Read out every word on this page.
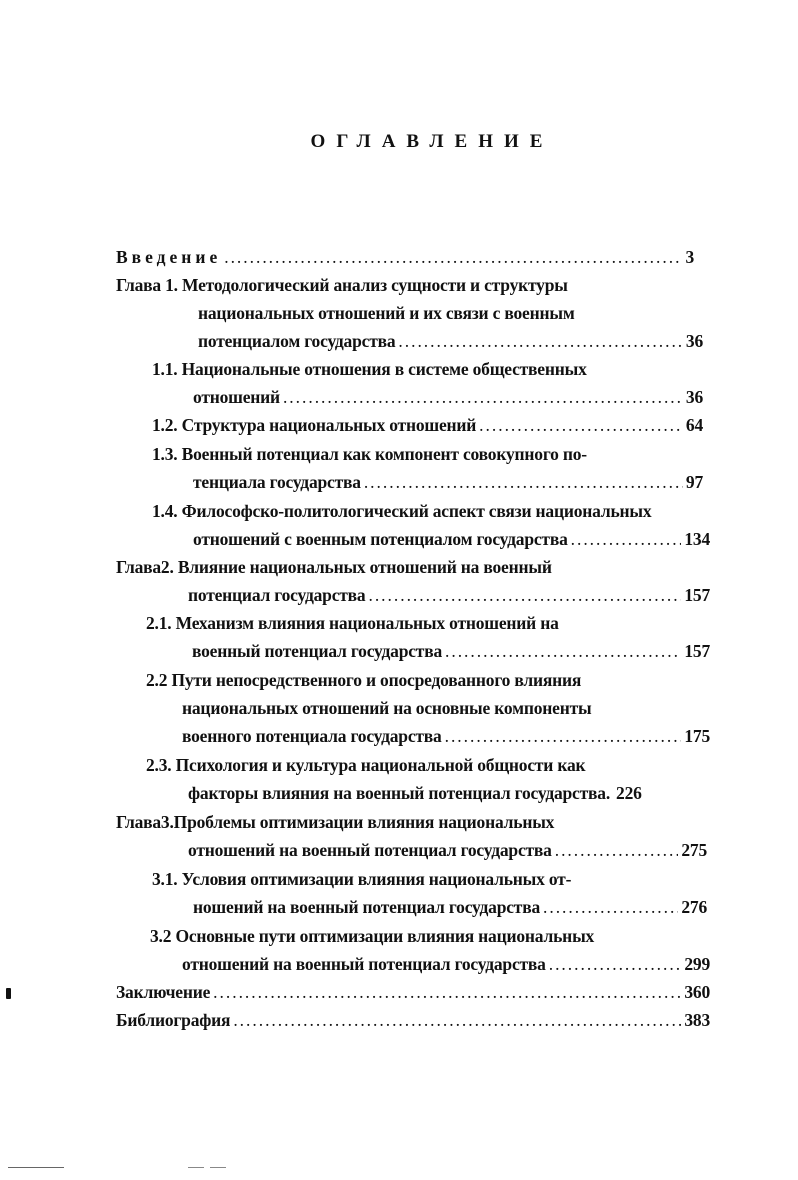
ОГЛАВЛЕНИЕ
Введение . . .	3
Глава 1. Методологический анализ сущности и структуры
национальных отношений и их связи с военным
потенциалом государства . . .	36
1.1. Национальные отношения в системе общественных
отношений . . .	36
1.2. Структура национальных отношений . . .	64
1.3. Военный потенциал как компонент совокупного по-
тенциала государства . . .	97
1.4. Философско-политологический аспект связи национальных
отношений с военным потенциалом государства . . .	134
Глава2. Влияние национальных отношений на военный
потенциал государства . . .	157
2.1. Механизм влияния национальных отношений на
военный потенциал государства . . .	157
2.2 Пути непосредственного и опосредованного влияния
национальных отношений на основные компоненты
военного потенциала государства . . .	175
2.3. Психология и культура национальной общности как
факторы влияния на военный потенциал государства. 226
Глава3.Проблемы оптимизации влияния национальных
отношений на военный потенциал государства . . .	275
3.1. Условия оптимизации влияния национальных от-
ношений на военный потенциал государства . . .	276
3.2 Основные пути оптимизации влияния национальных
отношений на военный потенциал государства . . .	299
Заключение . . .	360
Библиография . . .	383
